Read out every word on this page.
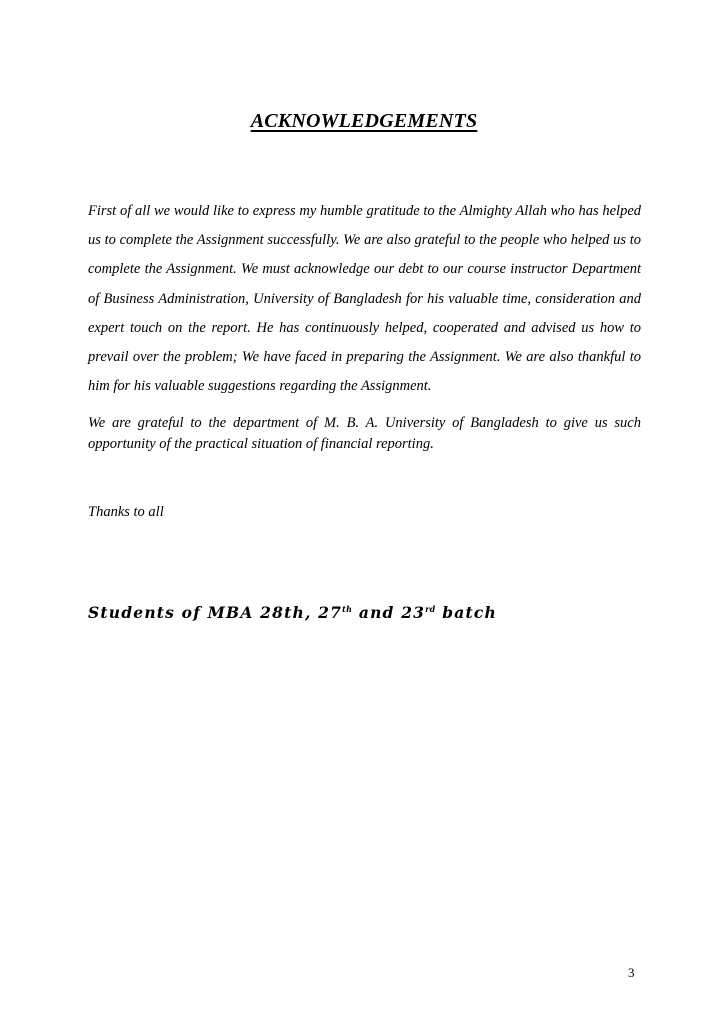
ACKNOWLEDGEMENTS
First of all we would like to express my humble gratitude to the Almighty Allah who has helped us to complete the Assignment successfully. We are also grateful to the people who helped us to complete the Assignment. We must acknowledge our debt to our course instructor Department of Business Administration, University of Bangladesh for his valuable time, consideration and expert touch on the report. He has continuously helped, cooperated and advised us how to prevail over the problem; We have faced in preparing the Assignment. We are also thankful to him for his valuable suggestions regarding the Assignment.
We are grateful to the department of M. B. A. University of Bangladesh to give us such opportunity of the practical situation of financial reporting.
Thanks to all
Students of MBA 28th, 27th and 23rd batch
3
